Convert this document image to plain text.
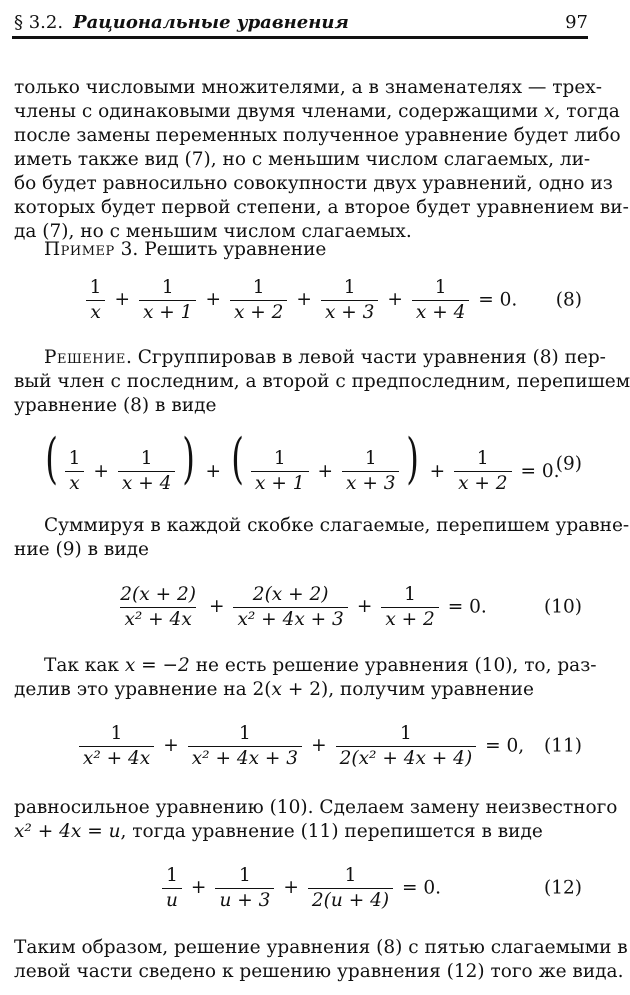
§ 3.2. Рациональные уравнения	97
только числовыми множителями, а в знаменателях — трех-
члены с одинаковыми двумя членами, содержащими x, тогда
после замены переменных полученное уравнение будет либо
иметь также вид (7), но с меньшим числом слагаемых, ли-
бо будет равносильно совокупности двух уравнений, одно из
которых будет первой степени, а второе будет уравнением ви-
да (7), но с меньшим числом слагаемых.
Пример 3. Решить уравнение
$\frac{1}{x} + \frac{1}{x + 1} + \frac{1}{x + 2} + \frac{1}{x + 3} + \frac{1}{x + 4} = 0$. (8)
Решение. Сгруппировав в левой части уравнения (8) пер-
вый член с последним, а второй с предпоследним, перепишем
уравнение (8) в виде
( $\frac{1}{x} + \frac{1}{x + 4}$ ) + ( $\frac{1}{x + 1} + \frac{1}{x + 3}$ ) + $\frac{1}{x + 2} = 0$.
(9)
Суммируя в каждой скобке слагаемые, перепишем уравне-
ние (9) в виде
$\frac{2(x + 2)}{\text{x² + 4x}} + \frac{2(x + 2)}{\text{x² + 4x + 3}} + \frac{1}{x + 2} = 0$.	(10)
Так как x = −2 не есть решение уравнения (10), то, раз-
делив это уравнение на 2(x + 2), получим уравнение
$\frac{1}{\text{x² + 4x}} + \frac{1}{\text{x² + 4x + 3}} + \frac{1}{\text{2(x² + 4x + 4)}} = 0$, (11)
равносильное уравнению (10). Сделаем замену неизвестного
x² + 4x = u, тогда уравнение (11) перепишется в виде
$\frac{1}{u} + \frac{1}{u + 3} + \frac{1}{2(u + 4)} = 0$.	(12)
Таким образом, решение уравнения (8) с пятью слагаемыми в
левой части сведено к решению уравнения (12) того же вида.
